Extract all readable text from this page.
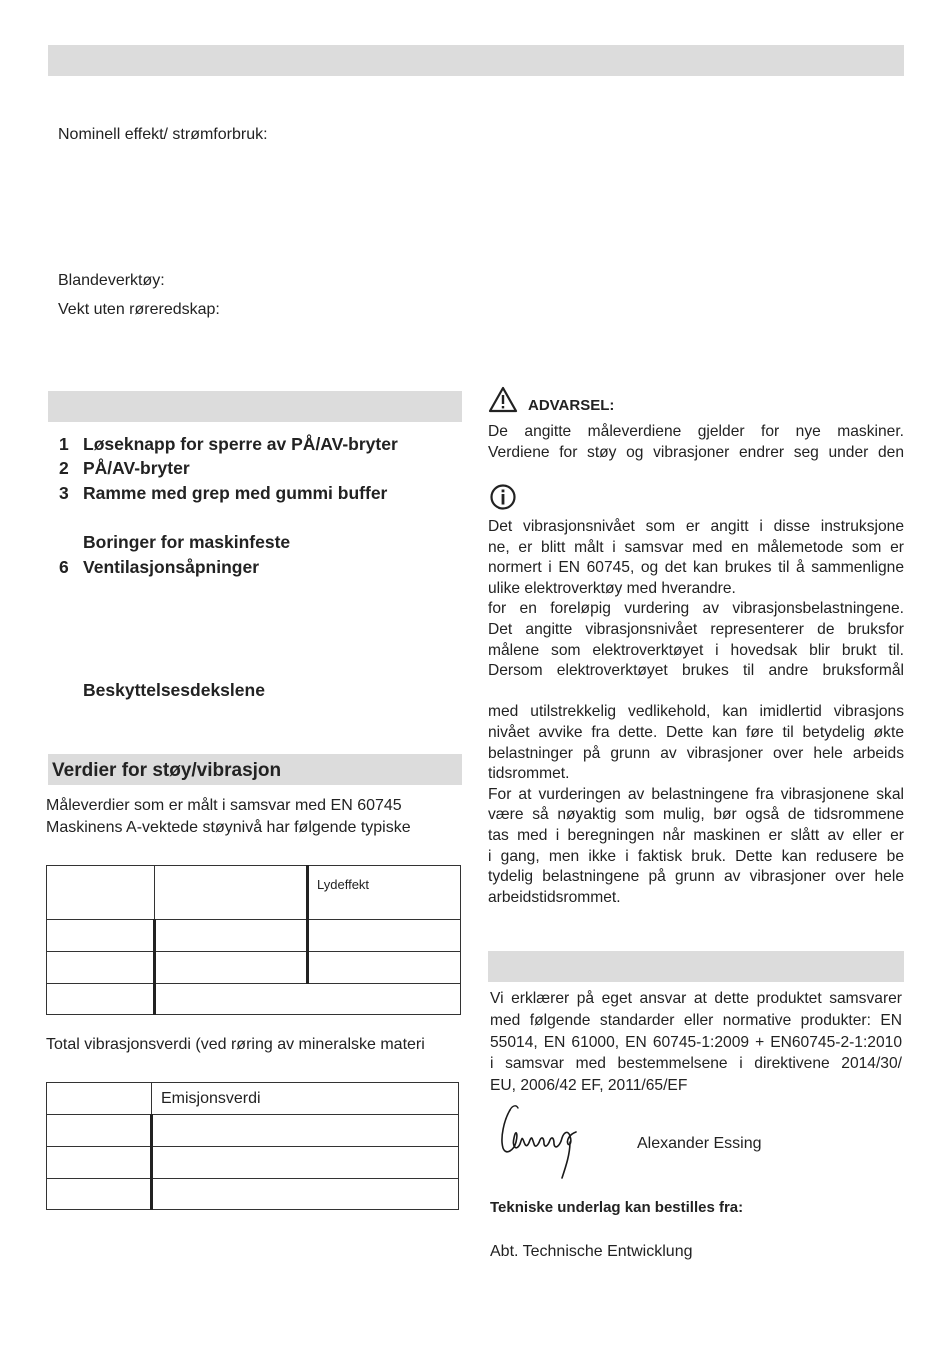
Nominell effekt/ strømforbruk:
Blandeverktøy:
Vekt uten røreredskap:
1 Løseknapp for sperre av PÅ/AV-bryter
2 PÅ/AV-bryter
3 Ramme med grep med gummi buffer
Boringer for maskinfeste
6 Ventilasjonsåpninger
Beskyttelsesdekslene
Verdier for støy/vibrasjon
Måleverdier som er målt i samsvar med EN 60745
Maskinens A-vektede støynivå har følgende typiske

		Lydeffekt

Total vibrasjonsverdi (ved røring av mineralske materi

	Emisjonsverdi

ADVARSEL:
De angitte måleverdiene gjelder for nye maskiner.
Verdiene for støy og vibrasjoner endrer seg under den
Det vibrasjonsnivået som er angitt i disse instruksjone
ne, er blitt målt i samsvar med en målemetode som er
normert i EN 60745, og det kan brukes til å sammenligne
ulike elektroverktøy med hverandre.
for en foreløpig vurdering av vibrasjonsbelastningene.
Det angitte vibrasjonsnivået representerer de bruksfor
målene som elektroverktøyet i hovedsak blir brukt til.
Dersom elektroverktøyet brukes til andre bruksformål
med utilstrekkelig vedlikehold, kan imidlertid vibrasjons
nivået avvike fra dette. Dette kan føre til betydelig økte
belastninger på grunn av vibrasjoner over hele arbeids
tidsrommet.
For at vurderingen av belastningene fra vibrasjonene skal
være så nøyaktig som mulig, bør også de tidsrommene
tas med i beregningen når maskinen er slått av eller er
i gang, men ikke i faktisk bruk. Dette kan redusere be
tydelig belastningene på grunn av vibrasjoner over hele
arbeidstidsrommet.
Vi erklærer på eget ansvar at dette produktet samsvarer
med følgende standarder eller normative produkter: EN
55014, EN 61000, EN 60745-1:2009 + EN60745-2-1:2010
i samsvar med bestemmelsene i direktivene 2014/30/
EU, 2006/42 EF, 2011/65/EF
Alexander Essing
Tekniske underlag kan bestilles fra:
Abt. Technische Entwicklung
